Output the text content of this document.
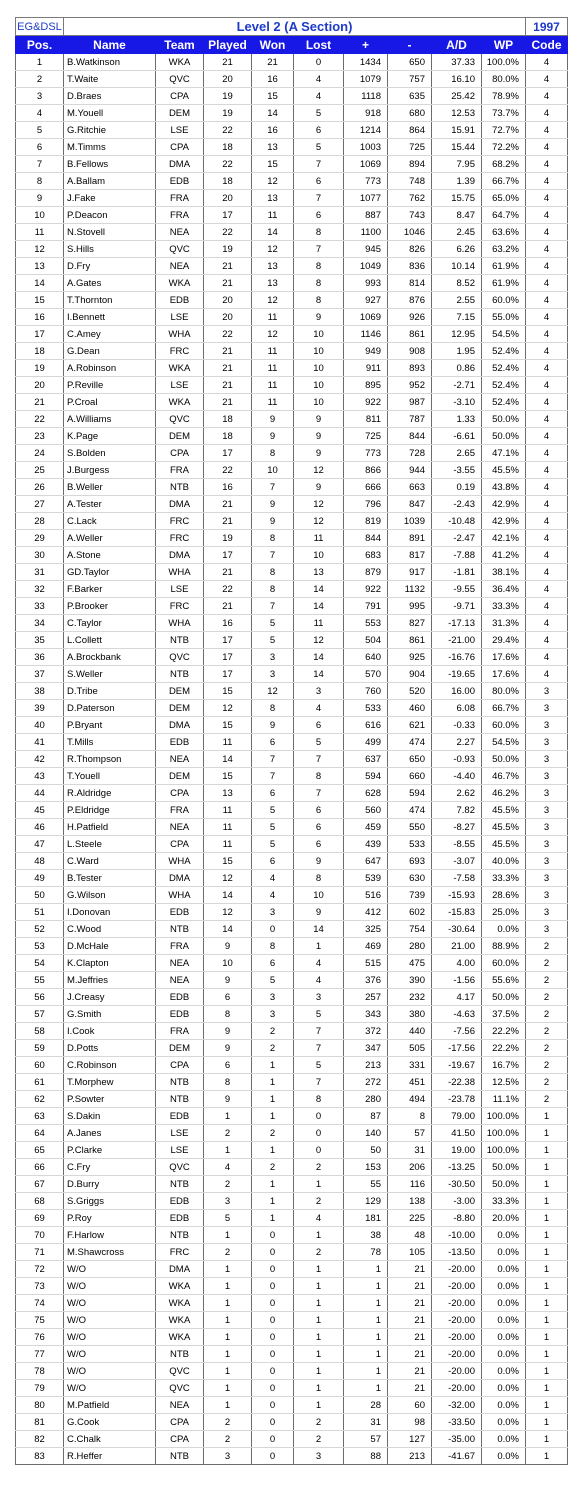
EG&DSL	Level 2 (A Section)									1997
Pos.	Name	Team	Played	Won	Lost	+	-	A/D	WP	Code
1	B.Watkinson	WKA	21	21	0	1434	650	37.33	100.0%	4
2	T.Waite	QVC	20	16	4	1079	757	16.10	80.0%	4
3	D.Braes	CPA	19	15	4	1118	635	25.42	78.9%	4
4	M.Youell	DEM	19	14	5	918	680	12.53	73.7%	4
5	G.Ritchie	LSE	22	16	6	1214	864	15.91	72.7%	4
6	M.Timms	CPA	18	13	5	1003	725	15.44	72.2%	4
7	B.Fellows	DMA	22	15	7	1069	894	7.95	68.2%	4
8	A.Ballam	EDB	18	12	6	773	748	1.39	66.7%	4
9	J.Fake	FRA	20	13	7	1077	762	15.75	65.0%	4
10	P.Deacon	FRA	17	11	6	887	743	8.47	64.7%	4
11	N.Stovell	NEA	22	14	8	1100	1046	2.45	63.6%	4
12	S.Hills	QVC	19	12	7	945	826	6.26	63.2%	4
13	D.Fry	NEA	21	13	8	1049	836	10.14	61.9%	4
14	A.Gates	WKA	21	13	8	993	814	8.52	61.9%	4
15	T.Thornton	EDB	20	12	8	927	876	2.55	60.0%	4
16	I.Bennett	LSE	20	11	9	1069	926	7.15	55.0%	4
17	C.Amey	WHA	22	12	10	1146	861	12.95	54.5%	4
18	G.Dean	FRC	21	11	10	949	908	1.95	52.4%	4
19	A.Robinson	WKA	21	11	10	911	893	0.86	52.4%	4
20	P.Reville	LSE	21	11	10	895	952	-2.71	52.4%	4
21	P.Croal	WKA	21	11	10	922	987	-3.10	52.4%	4
22	A.Williams	QVC	18	9	9	811	787	1.33	50.0%	4
23	K.Page	DEM	18	9	9	725	844	-6.61	50.0%	4
24	S.Bolden	CPA	17	8	9	773	728	2.65	47.1%	4
25	J.Burgess	FRA	22	10	12	866	944	-3.55	45.5%	4
26	B.Weller	NTB	16	7	9	666	663	0.19	43.8%	4
27	A.Tester	DMA	21	9	12	796	847	-2.43	42.9%	4
28	C.Lack	FRC	21	9	12	819	1039	-10.48	42.9%	4
29	A.Weller	FRC	19	8	11	844	891	-2.47	42.1%	4
30	A.Stone	DMA	17	7	10	683	817	-7.88	41.2%	4
31	GD.Taylor	WHA	21	8	13	879	917	-1.81	38.1%	4
32	F.Barker	LSE	22	8	14	922	1132	-9.55	36.4%	4
33	P.Brooker	FRC	21	7	14	791	995	-9.71	33.3%	4
34	C.Taylor	WHA	16	5	11	553	827	-17.13	31.3%	4
35	L.Collett	NTB	17	5	12	504	861	-21.00	29.4%	4
36	A.Brockbank	QVC	17	3	14	640	925	-16.76	17.6%	4
37	S.Weller	NTB	17	3	14	570	904	-19.65	17.6%	4
38	D.Tribe	DEM	15	12	3	760	520	16.00	80.0%	3
39	D.Paterson	DEM	12	8	4	533	460	6.08	66.7%	3
40	P.Bryant	DMA	15	9	6	616	621	-0.33	60.0%	3
41	T.Mills	EDB	11	6	5	499	474	2.27	54.5%	3
42	R.Thompson	NEA	14	7	7	637	650	-0.93	50.0%	3
43	T.Youell	DEM	15	7	8	594	660	-4.40	46.7%	3
44	R.Aldridge	CPA	13	6	7	628	594	2.62	46.2%	3
45	P.Eldridge	FRA	11	5	6	560	474	7.82	45.5%	3
46	H.Patfield	NEA	11	5	6	459	550	-8.27	45.5%	3
47	L.Steele	CPA	11	5	6	439	533	-8.55	45.5%	3
48	C.Ward	WHA	15	6	9	647	693	-3.07	40.0%	3
49	B.Tester	DMA	12	4	8	539	630	-7.58	33.3%	3
50	G.Wilson	WHA	14	4	10	516	739	-15.93	28.6%	3
51	I.Donovan	EDB	12	3	9	412	602	-15.83	25.0%	3
52	C.Wood	NTB	14	0	14	325	754	-30.64	0.0%	3
53	D.McHale	FRA	9	8	1	469	280	21.00	88.9%	2
54	K.Clapton	NEA	10	6	4	515	475	4.00	60.0%	2
55	M.Jeffries	NEA	9	5	4	376	390	-1.56	55.6%	2
56	J.Creasy	EDB	6	3	3	257	232	4.17	50.0%	2
57	G.Smith	EDB	8	3	5	343	380	-4.63	37.5%	2
58	I.Cook	FRA	9	2	7	372	440	-7.56	22.2%	2
59	D.Potts	DEM	9	2	7	347	505	-17.56	22.2%	2
60	C.Robinson	CPA	6	1	5	213	331	-19.67	16.7%	2
61	T.Morphew	NTB	8	1	7	272	451	-22.38	12.5%	2
62	P.Sowter	NTB	9	1	8	280	494	-23.78	11.1%	2
63	S.Dakin	EDB	1	1	0	87	8	79.00	100.0%	1
64	A.Janes	LSE	2	2	0	140	57	41.50	100.0%	1
65	P.Clarke	LSE	1	1	0	50	31	19.00	100.0%	1
66	C.Fry	QVC	4	2	2	153	206	-13.25	50.0%	1
67	D.Burry	NTB	2	1	1	55	116	-30.50	50.0%	1
68	S.Griggs	EDB	3	1	2	129	138	-3.00	33.3%	1
69	P.Roy	EDB	5	1	4	181	225	-8.80	20.0%	1
70	F.Harlow	NTB	1	0	1	38	48	-10.00	0.0%	1
71	M.Shawcross	FRC	2	0	2	78	105	-13.50	0.0%	1
72	W/O	DMA	1	0	1	1	21	-20.00	0.0%	1
73	W/O	WKA	1	0	1	1	21	-20.00	0.0%	1
74	W/O	WKA	1	0	1	1	21	-20.00	0.0%	1
75	W/O	WKA	1	0	1	1	21	-20.00	0.0%	1
76	W/O	WKA	1	0	1	1	21	-20.00	0.0%	1
77	W/O	NTB	1	0	1	1	21	-20.00	0.0%	1
78	W/O	QVC	1	0	1	1	21	-20.00	0.0%	1
79	W/O	QVC	1	0	1	1	21	-20.00	0.0%	1
80	M.Patfield	NEA	1	0	1	28	60	-32.00	0.0%	1
81	G.Cook	CPA	2	0	2	31	98	-33.50	0.0%	1
82	C.Chalk	CPA	2	0	2	57	127	-35.00	0.0%	1
83	R.Heffer	NTB	3	0	3	88	213	-41.67	0.0%	1
